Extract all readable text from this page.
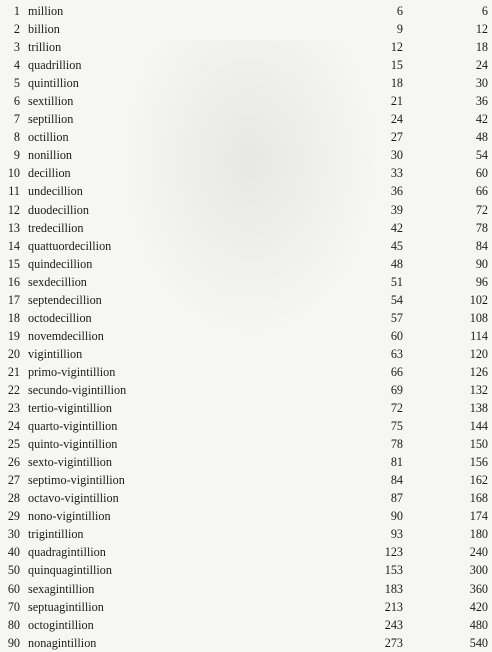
1	million	6	6
2	billion	9	12
3	trillion	12	18
4	quadrillion	15	24
5	quintillion	18	30
6	sextillion	21	36
7	septillion	24	42
8	octillion	27	48
9	nonillion	30	54
10	decillion	33	60
11	undecillion	36	66
12	duodecillion	39	72
13	tredecillion	42	78
14	quattuordecillion	45	84
15	quindecillion	48	90
16	sexdecillion	51	96
17	septendecillion	54	102
18	octodecillion	57	108
19	novemdecillion	60	114
20	vigintillion	63	120
21	primo-vigintillion	66	126
22	secundo-vigintillion	69	132
23	tertio-vigintillion	72	138
24	quarto-vigintillion	75	144
25	quinto-vigintillion	78	150
26	sexto-vigintillion	81	156
27	septimo-vigintillion	84	162
28	octavo-vigintillion	87	168
29	nono-vigintillion	90	174
30	trigintillion	93	180
40	quadragintillion	123	240
50	quinquagintillion	153	300
60	sexagintillion	183	360
70	septuagintillion	213	420
80	octogintillion	243	480
90	nonagintillion	273	540
